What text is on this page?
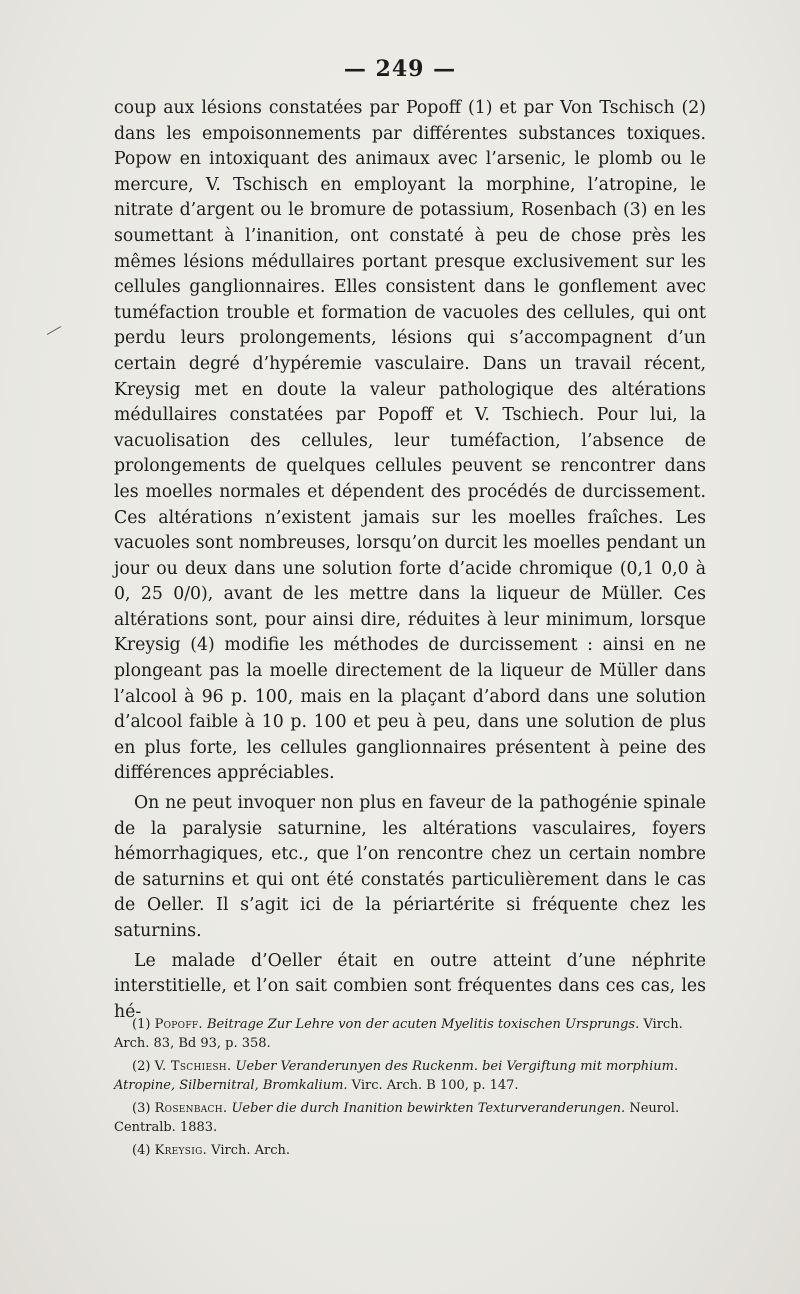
— 249 —

coup aux lésions constatées par Popoff (1) et par Von Tschisch (2) dans les empoisonnements par différentes substances toxiques. Popow en intoxiquant des animaux avec l’arsenic, le plomb ou le mercure, V. Tschisch en employant la morphine, l’atropine, le nitrate d’argent ou le bromure de potassium, Rosenbach (3) en les soumettant à l’inanition, ont constaté à peu de chose près les mêmes lésions médullaires portant presque exclusivement sur les cellules ganglionnaires. Elles consistent dans le gonflement avec tuméfaction trouble et formation de vacuoles des cellules, qui ont perdu leurs prolongements, lésions qui s’accompagnent d’un certain degré d’hypéremie vasculaire. Dans un travail récent, Kreysig met en doute la valeur pathologique des altérations médullaires constatées par Popoff et V. Tschiech. Pour lui, la vacuolisation des cellules, leur tuméfaction, l’absence de prolongements de quelques cellules peuvent se rencontrer dans les moelles normales et dépendent des procédés de durcissement. Ces altérations n’existent jamais sur les moelles fraîches. Les vacuoles sont nombreuses, lorsqu’on durcit les moelles pendant un jour ou deux dans une solution forte d’acide chromique (0,1 0,0 à 0, 25 0/0), avant de les mettre dans la liqueur de Müller. Ces altérations sont, pour ainsi dire, réduites à leur minimum, lorsque Kreysig (4) modifie les méthodes de durcissement : ainsi en ne plongeant pas la moelle directement de la liqueur de Müller dans l’alcool à 96 p. 100, mais en la plaçant d’abord dans une solution d’alcool faible à 10 p. 100 et peu à peu, dans une solution de plus en plus forte, les cellules ganglionnaires présentent à peine des différences appréciables.

On ne peut invoquer non plus en faveur de la pathogénie spinale de la paralysie saturnine, les altérations vasculaires, foyers hémorrhagiques, etc., que l’on rencontre chez un certain nombre de saturnins et qui ont été constatés particulièrement dans le cas de Oeller. Il s’agit ici de la périartérite si fréquente chez les saturnins.

Le malade d’Oeller était en outre atteint d’une néphrite interstitielle, et l’on sait combien sont fréquentes dans ces cas, les hé-

(1) Popoff. Beitrage Zur Lehre von der acuten Myelitis toxischen Ursprungs. Virch. Arch. 83, Bd 93, p. 358.

(2) V. Tschiesh. Ueber Veranderunyen des Ruckenm. bei Vergiftung mit morphium. Atropine, Silbernitral, Bromkalium. Virc. Arch. B 100, p. 147.

(3) Rosenbach. Ueber die durch Inanition bewirkten Texturveranderungen. Neurol. Centralb. 1883.

(4) Kreysig. Virch. Arch.
